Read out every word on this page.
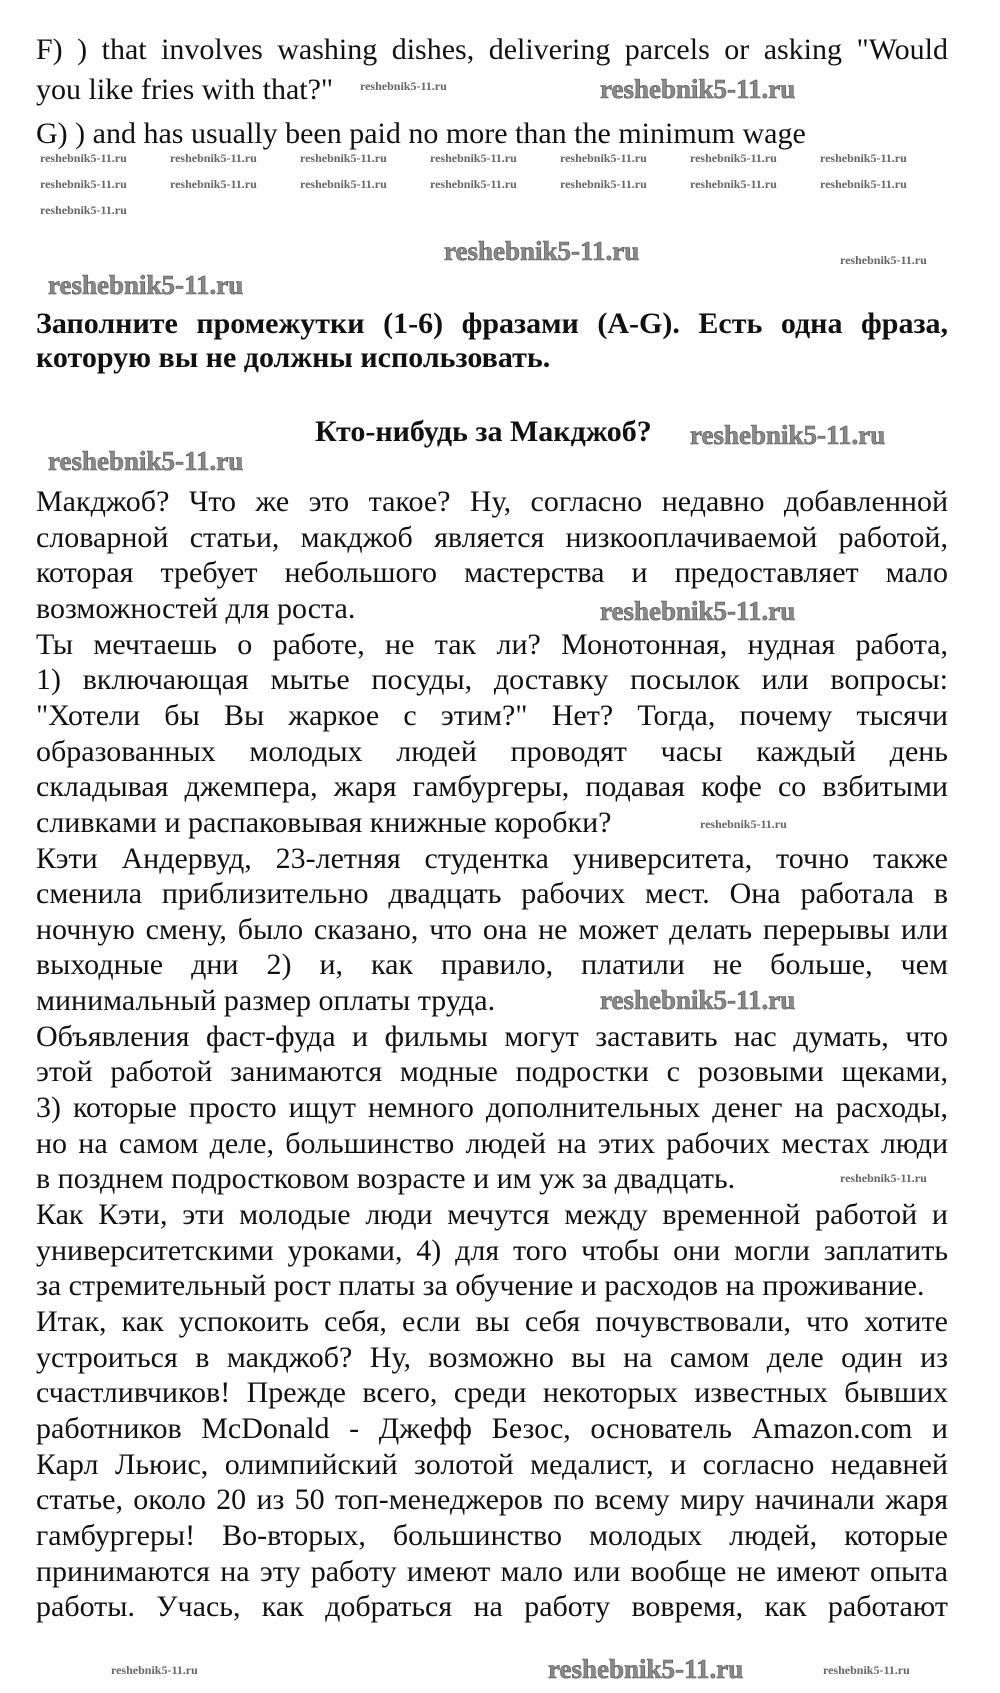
F) ) that involves washing dishes, delivering parcels or asking "Would
you like fries with that?"
G) ) and has usually been paid no more than the minimum wage
Заполните промежутки (1-6) фразами (A-G). Есть одна фраза,
которую вы не должны использовать.
Кто-нибудь за Макджоб?
Макджоб? Что же это такое? Ну, согласно недавно добавленной
словарной статьи, макджоб является низкооплачиваемой работой,
которая требует небольшого мастерства и предоставляет мало
возможностей для роста.
Ты мечтаешь о работе, не так ли? Монотонная, нудная работа,
1) включающая мытье посуды, доставку посылок или вопросы:
"Хотели бы Вы жаркое с этим?" Нет? Тогда, почему тысячи
образованных молодых людей проводят часы каждый день
складывая джемпера, жаря гамбургеры, подавая кофе со взбитыми
сливками и распаковывая книжные коробки?
Кэти Андервуд, 23-летняя студентка университета, точно также
сменила приблизительно двадцать рабочих мест. Она работала в
ночную смену, было сказано, что она не может делать перерывы или
выходные дни 2) и, как правило, платили не больше, чем
минимальный размер оплаты труда.
Объявления фаст-фуда и фильмы могут заставить нас думать, что
этой работой занимаются модные подростки с розовыми щеками,
3) которые просто ищут немного дополнительных денег на расходы,
но на самом деле, большинство людей на этих рабочих местах люди
в позднем подростковом возрасте и им уж за двадцать.
Как Кэти, эти молодые люди мечутся между временной работой и
университетскими уроками, 4) для того чтобы они могли заплатить
за стремительный рост платы за обучение и расходов на проживание.
Итак, как успокоить себя, если вы себя почувствовали, что хотите
устроиться в макджоб? Ну, возможно вы на самом деле один из
счастливчиков! Прежде всего, среди некоторых известных бывших
работников McDonald - Джефф Безос, основатель Amazon.com и
Карл Льюис, олимпийский золотой медалист, и согласно недавней
статье, около 20 из 50 топ-менеджеров по всему миру начинали жаря
гамбургеры! Во-вторых, большинство молодых людей, которые
принимаются на эту работу имеют мало или вообще не имеют опыта
работы. Учась, как добраться на работу вовремя, как работают
reshebnik5-11.ru	reshebnik5-11.ru
reshebnik5-11.ru	reshebnik5-11.ru	reshebnik5-11.ru	reshebnik5-11.ru	reshebnik5-11.ru	reshebnik5-11.ru	reshebnik5-11.ru
reshebnik5-11.ru	reshebnik5-11.ru	reshebnik5-11.ru	reshebnik5-11.ru	reshebnik5-11.ru	reshebnik5-11.ru	reshebnik5-11.ru
reshebnik5-11.ru
reshebnik5-11.ru	reshebnik5-11.ru
reshebnik5-11.ru
reshebnik5-11.ru
reshebnik5-11.ru
reshebnik5-11.ru
reshebnik5-11.ru
reshebnik5-11.ru
reshebnik5-11.ru
reshebnik5-11.ru	reshebnik5-11.ru	reshebnik5-11.ru
